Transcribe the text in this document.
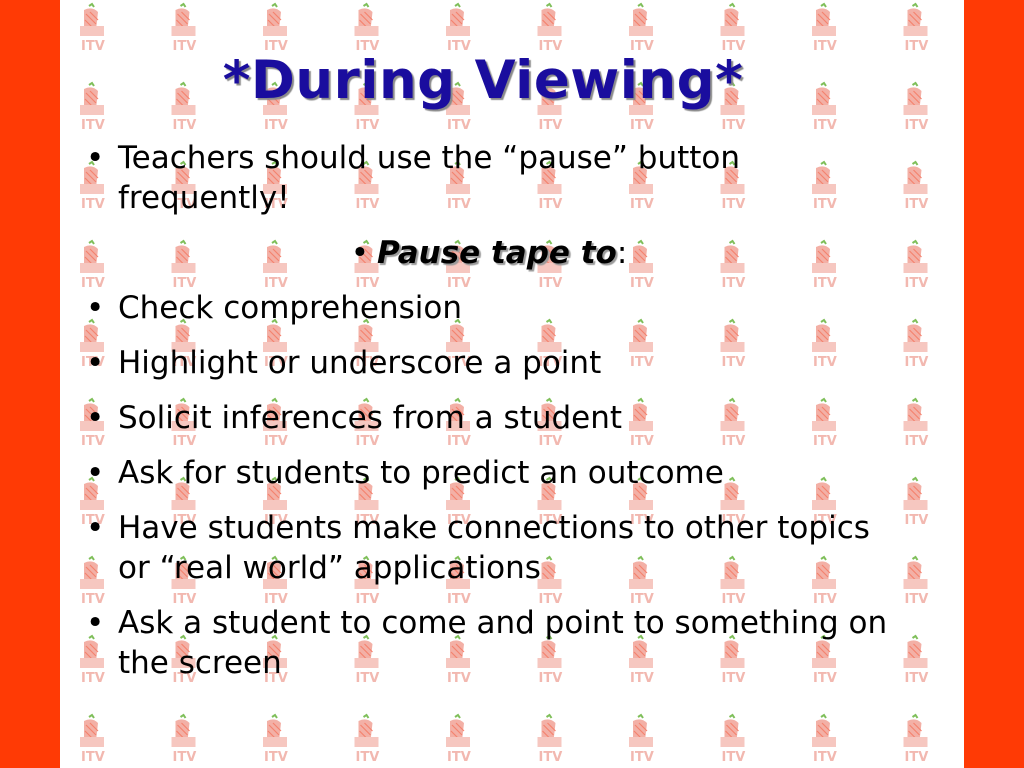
*During Viewing*
• Teachers should use the “pause” button frequently!
• Pause tape to:
• Check comprehension
• Highlight or underscore a point
• Solicit inferences from a student
• Ask for students to predict an outcome
• Have students make connections to other topics or “real world” applications
• Ask a student to come and point to something on the screen
